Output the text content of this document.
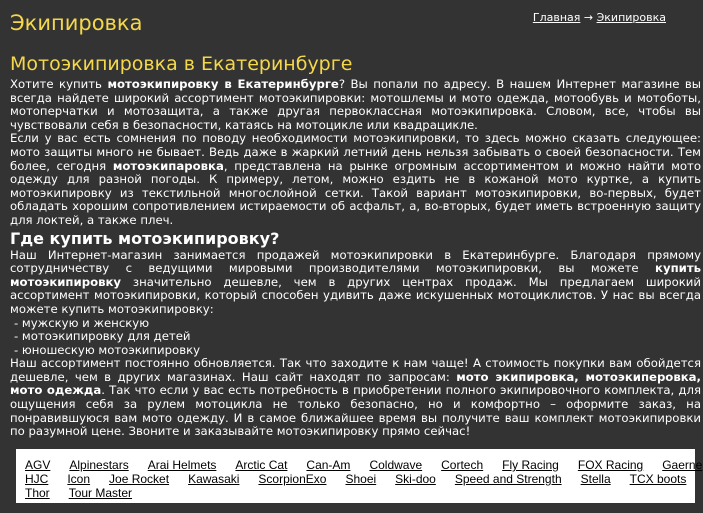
Экипировка	Главная → Экипировка
Мотоэкипировка в Екатеринбурге

Хотите купить мотоэкипировку в Екатеринбурге? Вы попали по адресу. В нашем Интернет магазине вы всегда найдете широкий ассортимент мотоэкипировки: мотошлемы и мото одежда, мотообувь и мотоботы, мотоперчатки и мотозащита, а также другая первоклассная мотоэкипировка. Словом, все, чтобы вы чувствовали себя в безопасности, катаясь на мотоцикле или квадрацикле.

Если у вас есть сомнения по поводу необходимости мотоэкипировки, то здесь можно сказать следующее: мото защиты много не бывает. Ведь даже в жаркий летний день нельзя забывать о своей безопасности. Тем более, сегодня мотоэкипаровка, представлена на рынке огромным ассортиментом и можно найти мото одежду для разной погоды. К примеру, летом, можно ездить не в кожаной мото куртке, а купить мотоэкипировку из текстильной многослойной сетки. Такой вариант мотоэкипировки, во-первых, будет обладать хорошим сопротивлением истираемости об асфальт, а, во-вторых, будет иметь встроенную защиту для локтей, а также плеч.

Где купить мотоэкипировку?

Наш Интернет-магазин занимается продажей мотоэкипировки в Екатеринбурге. Благодаря прямому сотрудничеству с ведущими мировыми производителями мотоэкипировки, вы можете купить мотоэкипировку значительно дешевле, чем в других центрах продаж. Мы предлагаем широкий ассортимент мотоэкипировки, который способен удивить даже искушенных мотоциклистов. У нас вы всегда можете купить мотоэкипировку:

- мужскую и женскую
- мотоэкипировку для детей
- юношескую мотоэкипировку

Наш ассортимент постоянно обновляется. Так что заходите к нам чаще! А стоимость покупки вам обойдется дешевле, чем в других магазинах. Наш сайт находят по запросам: мото экипировка, мотоэкиперовка, мото одежда. Так что если у вас есть потребность в приобретении полного экипировочного комплекта, для ощущения себя за рулем мотоцикла не только безопасно, но и комфортно – оформите заказ, на понравившуюся вам мото одежду. И в самое ближайшее время вы получите ваш комплект мотоэкипировки по разумной цене. Звоните и заказывайте мотоэкипировку прямо сейчас!

AGV Alpinestars Arai Helmets Arctic Cat Can-Am Coldwave Cortech Fly Racing FOX Racing Gaerne
HJC Icon Joe Rocket Kawasaki ScorpionExo Shoei Ski-doo Speed and Strength Stella TCX boots
Thor Tour Master
